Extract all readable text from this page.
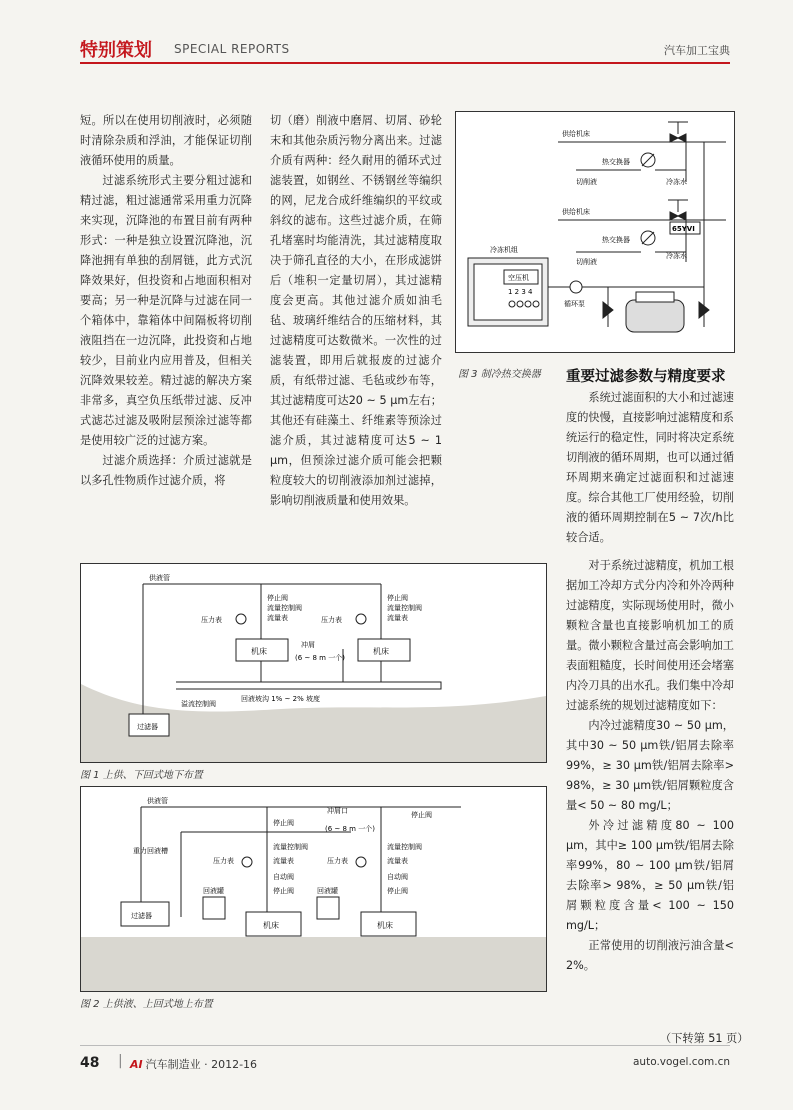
特别策划 SPECIAL REPORTS	汽车加工宝典

短。所以在使用切削液时，必须随时清除杂质和浮油，才能保证切削液循环使用的质量。

过滤系统形式主要分粗过滤和精过滤，粗过滤通常采用重力沉降来实现，沉降池的布置目前有两种形式：一种是独立设置沉降池，沉降池拥有单独的刮屑链，此方式沉降效果好，但投资和占地面积相对要高；另一种是沉降与过滤在同一个箱体中，靠箱体中间隔板将切削液阻挡在一边沉降，此投资和占地较少，目前业内应用普及，但相关沉降效果较差。精过滤的解决方案非常多，真空负压纸带过滤、反冲式滤芯过滤及吸附层预涂过滤等都是使用较广泛的过滤方案。

过滤介质选择：介质过滤就是以多孔性物质作过滤介质，将

切（磨）削液中磨屑、切屑、砂轮末和其他杂质污物分离出来。过滤介质有两种：经久耐用的循环式过滤装置，如钢丝、不锈钢丝等编织的网，尼龙合成纤维编织的平纹或斜纹的滤布。这些过滤介质，在筛孔堵塞时均能清洗，其过滤精度取决于筛孔直径的大小，在形成滤饼后（堆积一定量切屑），其过滤精度会更高。其他过滤介质如油毛毡、玻璃纤维结合的压缩材料，其过滤精度可达数微米。一次性的过滤装置，即用后就报废的过滤介质，有纸带过滤、毛毡或纱布等，其过滤精度可达20 ~ 5 μm左右；其他还有硅藻土、纤维素等预涂过滤介质，其过滤精度可达5 ~ 1 μm，但预涂过滤介质可能会把颗粒度较大的切削液添加剂过滤掉，影响切削液质量和使用效果。

供给机床
热交换器
切削液	冷冻水
供给机床
热交换器
切削液
冷冻水
65YVI
冷冻机组
空压机
1 2 3 4
循环泵
图 3 制冷热交换器	重要过滤参数与精度要求

系统过滤面积的大小和过滤速度的快慢，直接影响过滤精度和系统运行的稳定性，同时将决定系统切削液的循环周期，也可以通过循环周期来确定过滤面积和过滤速度。综合其他工厂使用经验，切削液的循环周期控制在5 ~ 7次/h比较合适。

对于系统过滤精度，机加工根据加工冷却方式分内冷和外冷两种过滤精度，实际现场使用时，微小颗粒含量也直接影响机加工的质量。微小颗粒含量过高会影响加工表面粗糙度，长时间使用还会堵塞内冷刀具的出水孔。我们集中冷却过滤系统的规划过滤精度如下：

内冷过滤精度30 ~ 50 μm，其中30 ~ 50 μm铁/铝屑去除率99%，≥ 30 μm铁/铝屑去除率> 98%，≥ 30 μm铁/铝屑颗粒度含量< 50 ~ 80 mg/L；

外冷过滤精度80 ~ 100 μm，其中≥ 100 μm铁/铝屑去除率99%，80 ~ 100 μm铁/铝屑去除率> 98%，≥ 50 μm铁/铝屑颗粒度含量< 100 ~ 150 mg/L；

正常使用的切削液污油含量< 2%。

（下转第 51 页）
供液管
停止阀
流量控制阀
流量表
压力表
机床
停止阀
流量控制阀
流量表
压力表
机床
冲屑
(6 ~ 8 m 一个)
溢流控制阀
回液坡沟 1% ~ 2% 坡度
过滤器
图 1 上供、下回式地下布置
供液管
冲屑口	停止阀
停止阀
(6 ~ 8 m 一个)
流量控制阀	流量控制阀
重力回液槽
压力表	压力表
流量表	流量表
自动阀	自动阀
停止阀	停止阀
回液罐	回液罐
机床	机床
过滤器
图 2 上供液、上回式地上布置
48 | AI 汽车制造业 · 2012-16	auto.vogel.com.cn
